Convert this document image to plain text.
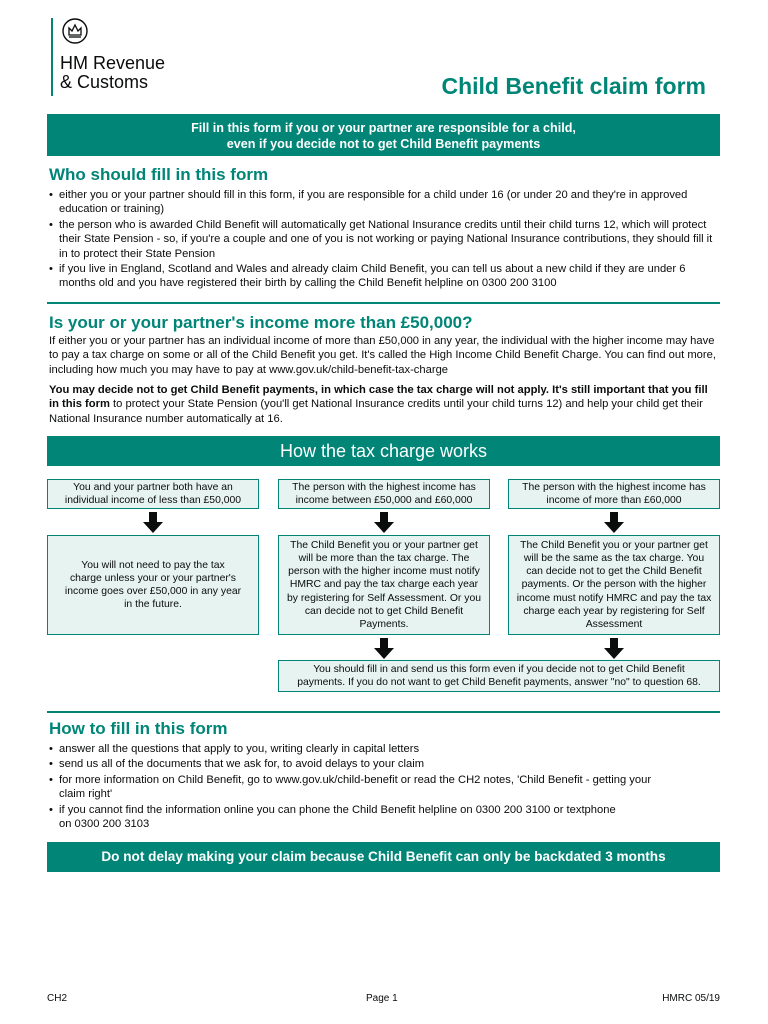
HM Revenue
& Customs	Child Benefit claim form
Fill in this form if you or your partner are responsible for a child,
even if you decide not to get Child Benefit payments
Who should fill in this form
• either you or your partner should fill in this form, if you are responsible for a child under 16 (or under 20 and they're in approved education or training)
• the person who is awarded Child Benefit will automatically get National Insurance credits until their child turns 12, which will protect their State Pension - so, if you're a couple and one of you is not working or paying National Insurance contributions, they should fill it in to protect their State Pension
• if you live in England, Scotland and Wales and already claim Child Benefit, you can tell us about a new child if they are under 6 months old and you have registered their birth by calling the Child Benefit helpline on 0300 200 3100
Is your or your partner's income more than £50,000?

If either you or your partner has an individual income of more than £50,000 in any year, the individual with the higher income may have to pay a tax charge on some or all of the Child Benefit you get. It's called the High Income Child Benefit Charge. You can find out more, including how much you may have to pay at www.gov.uk/child-benefit-tax-charge

You may decide not to get Child Benefit payments, in which case the tax charge will not apply. It's still important that you fill in this form to protect your State Pension (you'll get National Insurance credits until your child turns 12) and help your child get their National Insurance number automatically at 16.

How the tax charge works
You and your partner both have an individual income of less than £50,000
The person with the highest income has income between £50,000 and £60,000
The person with the highest income has income of more than £60,000
You will not need to pay the tax charge unless your or your partner's income goes over £50,000 in any year in the future.
The Child Benefit you or your partner get will be more than the tax charge. The person with the higher income must notify HMRC and pay the tax charge each year by registering for Self Assessment. Or you can decide not to get Child Benefit Payments.
The Child Benefit you or your partner get will be the same as the tax charge. You can decide not to get the Child Benefit payments. Or the person with the higher income must notify HMRC and pay the tax charge each year by registering for Self Assessment
You should fill in and send us this form even if you decide not to get Child Benefit payments. If you do not want to get Child Benefit payments, answer "no" to question 68.
How to fill in this form
• answer all the questions that apply to you, writing clearly in capital letters
• send us all of the documents that we ask for, to avoid delays to your claim
• for more information on Child Benefit, go to www.gov.uk/child-benefit or read the CH2 notes, 'Child Benefit - getting your claim right'
• if you cannot find the information online you can phone the Child Benefit helpline on 0300 200 3100 or textphone on 0300 200 3103
Do not delay making your claim because Child Benefit can only be backdated 3 months
CH2	Page 1	HMRC 05/19
